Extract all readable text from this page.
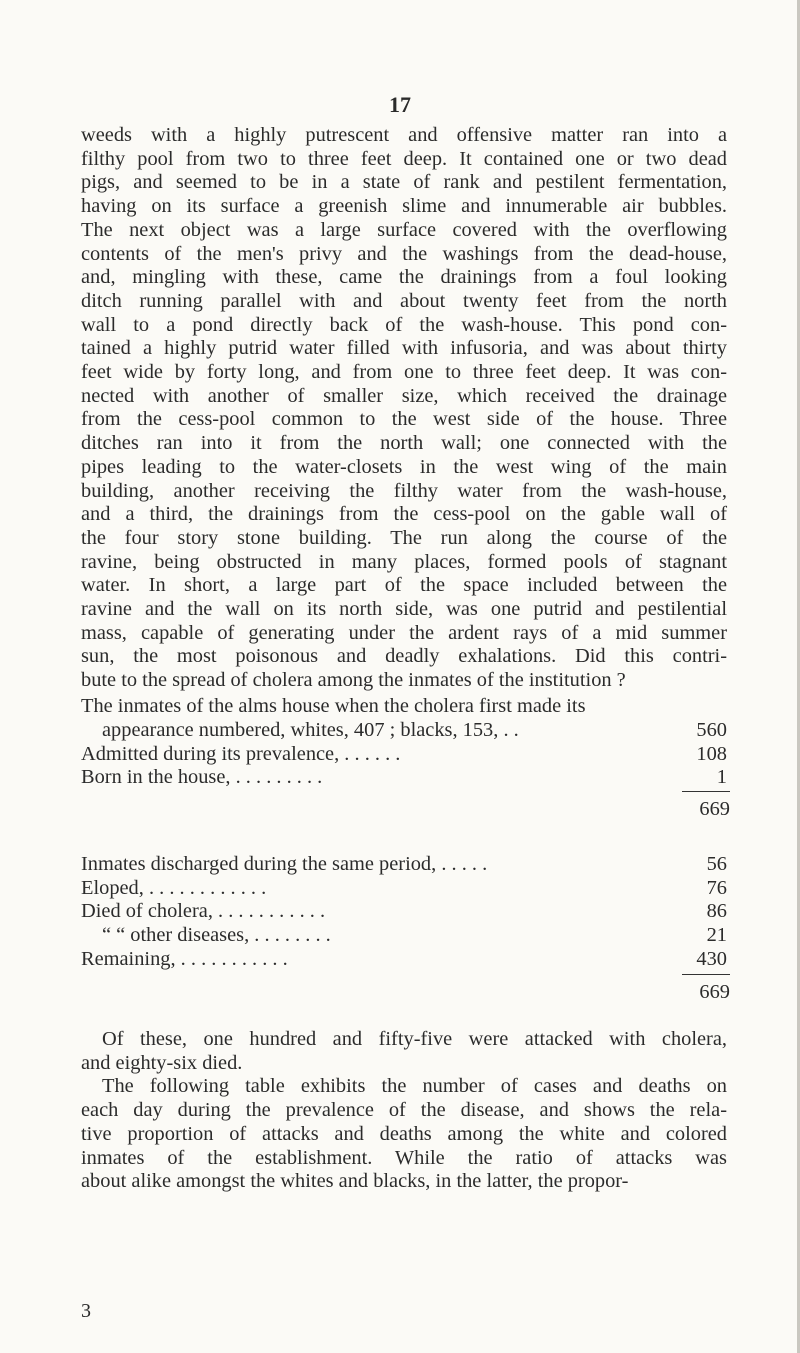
17
weeds with a highly putrescent and offensive matter ran into a
filthy pool from two to three feet deep. It contained one or two dead
pigs, and seemed to be in a state of rank and pestilent fermentation,
having on its surface a greenish slime and innumerable air bubbles.
The next object was a large surface covered with the overflowing
contents of the men's privy and the washings from the dead-house,
and, mingling with these, came the drainings from a foul looking
ditch running parallel with and about twenty feet from the north
wall to a pond directly back of the wash-house. This pond con-
tained a highly putrid water filled with infusoria, and was about thirty
feet wide by forty long, and from one to three feet deep. It was con-
nected with another of smaller size, which received the drainage
from the cess-pool common to the west side of the house. Three
ditches ran into it from the north wall; one connected with the
pipes leading to the water-closets in the west wing of the main
building, another receiving the filthy water from the wash-house,
and a third, the drainings from the cess-pool on the gable wall of
the four story stone building. The run along the course of the
ravine, being obstructed in many places, formed pools of stagnant
water. In short, a large part of the space included between the
ravine and the wall on its north side, was one putrid and pestilential
mass, capable of generating under the ardent rays of a mid summer
sun, the most poisonous and deadly exhalations. Did this contri-
bute to the spread of cholera among the inmates of the institution ?
The inmates of the alms house when the cholera first made its
appearance numbered, whites, 407 ; blacks, 153, . .	560
Admitted during its prevalence, . . . . . .	108
Born in the house, . . . . . . . . .	1
669
Inmates discharged during the same period, . . . . .	56
Eloped, . . . . . . . . . . . .	76
Died of cholera, . . . . . . . . . . .	86
“ “ other diseases, . . . . . . . .	21
Remaining, . . . . . . . . . . .	430
669
Of these, one hundred and fifty-five were attacked with cholera,
and eighty-six died.
The following table exhibits the number of cases and deaths on
each day during the prevalence of the disease, and shows the rela-
tive proportion of attacks and deaths among the white and colored
inmates of the establishment. While the ratio of attacks was
about alike amongst the whites and blacks, in the latter, the propor-
3
